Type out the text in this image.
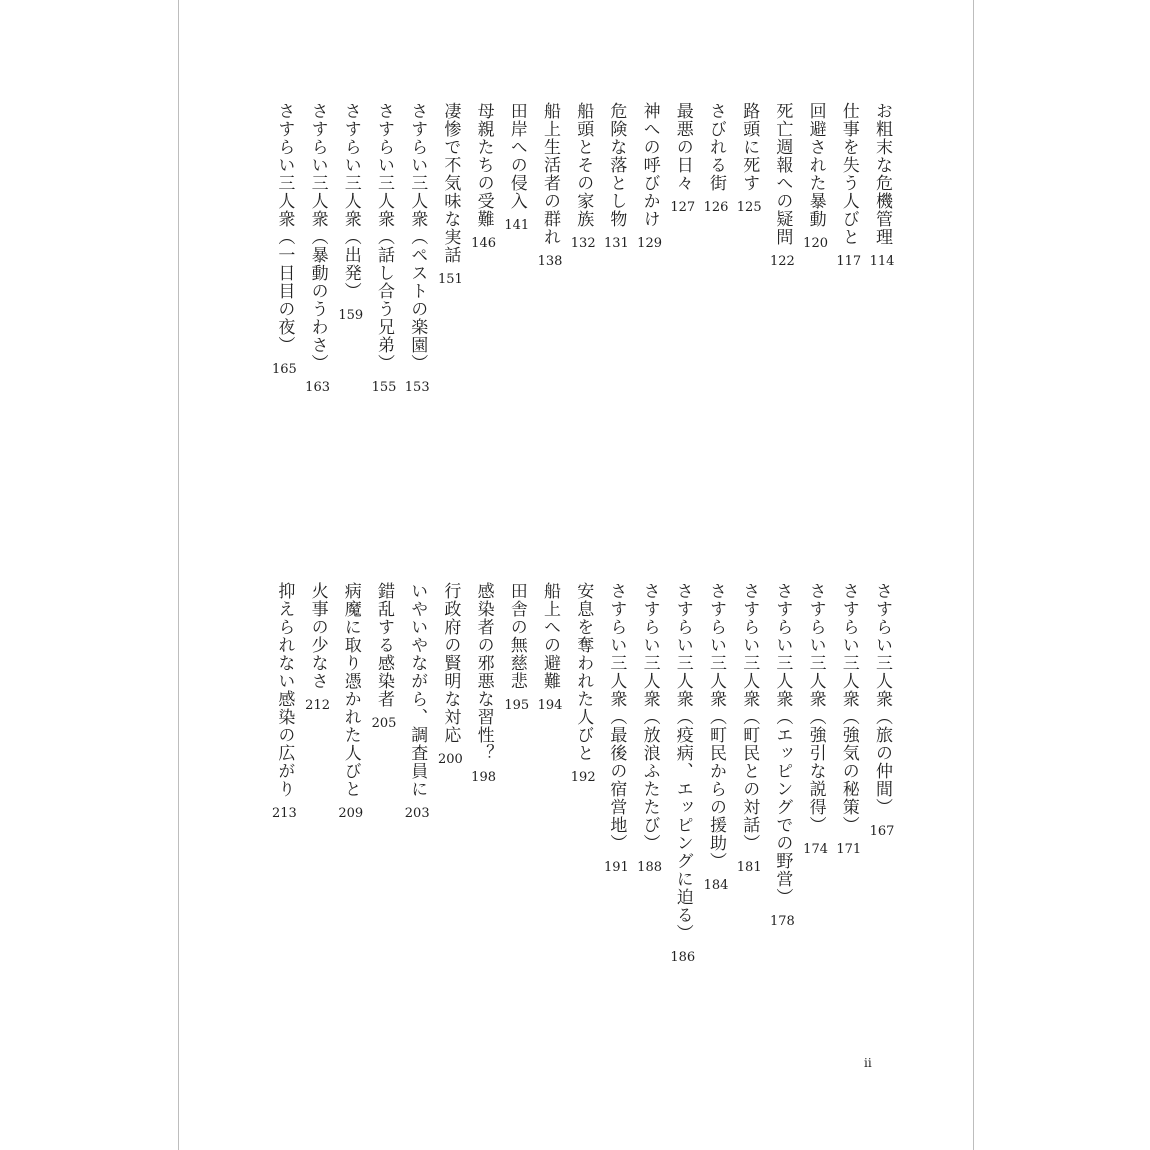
ii
お粗末な危機管理
114
仕事を失う人びと
117
回避された暴動
120
死亡週報への疑問
122
路頭に死す
125
さびれる街
126
最悪の日々
127
神への呼びかけ
129
危険な落とし物
131
船頭とその家族
132
船上生活者の群れ
138
田岸への侵入
141
母親たちの受難
146
凄惨で不気味な実話
151
さすらい三人衆（ペストの楽園）
153
さすらい三人衆（話し合う兄弟）
155
さすらい三人衆（出発）
159
さすらい三人衆（暴動のうわさ）
163
さすらい三人衆（一日目の夜）
165
さすらい三人衆（旅の仲間）
167
さすらい三人衆（強気の秘策）
171
さすらい三人衆（強引な説得）
174
さすらい三人衆（エッピングでの野営）
178
さすらい三人衆（町民との対話）
181
さすらい三人衆（町民からの援助）
184
さすらい三人衆（疫病、エッピングに迫る）
186
さすらい三人衆（放浪ふたたび）
188
さすらい三人衆（最後の宿営地）
191
安息を奪われた人びと
192
船上への避難
194
田舎の無慈悲
195
感染者の邪悪な習性？
198
行政府の賢明な対応
200
いやいやながら、調査員に
203
錯乱する感染者
205
病魔に取り憑かれた人びと
209
火事の少なさ
212
抑えられない感染の広がり
213
